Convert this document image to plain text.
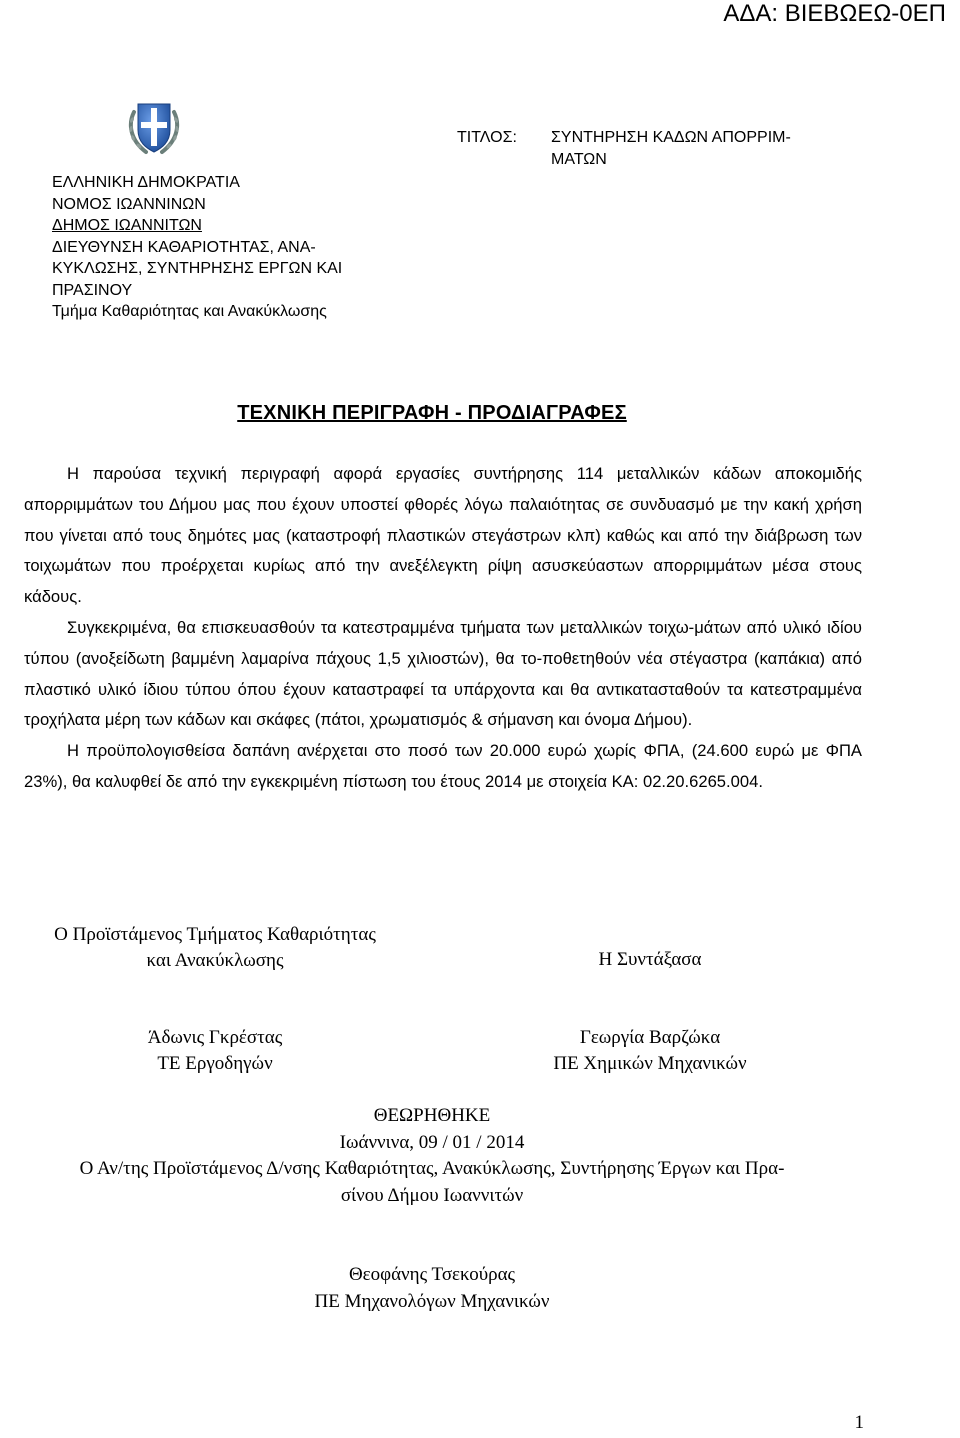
ΑΔΑ: ΒΙΕΒΩΕΩ-0ΕΠ
ΕΛΛΗΝΙΚΗ ΔΗΜΟΚΡΑΤΙΑ
ΝΟΜΟΣ ΙΩΑΝΝΙΝΩΝ
ΔΗΜΟΣ ΙΩΑΝΝΙΤΩΝ
ΔΙΕΥΘΥΝΣΗ ΚΑΘΑΡΙΟΤΗΤΑΣ, ΑΝΑ-
ΚΥΚΛΩΣΗΣ, ΣΥΝΤΗΡΗΣΗΣ ΕΡΓΩΝ ΚΑΙ
ΠΡΑΣΙΝΟΥ
Τμήμα Καθαριότητας και Ανακύκλωσης
ΤΙΤΛΟΣ: ΣΥΝΤΗΡΗΣΗ ΚΑΔΩΝ ΑΠΟΡΡΙΜ-
ΜΑΤΩΝ
ΤΕΧΝΙΚΗ ΠΕΡΙΓΡΑΦΗ - ΠΡΟΔΙΑΓΡΑΦΕΣ

Η παρούσα τεχνική περιγραφή αφορά εργασίες συντήρησης 114 μεταλλικών κάδων αποκομιδής απορριμμάτων του Δήμου μας που έχουν υποστεί φθορές λόγω παλαιότητας σε συνδυασμό με την κακή χρήση που γίνεται από τους δημότες μας (καταστροφή πλαστικών στεγάστρων κλπ) καθώς και από την διάβρωση των τοιχωμάτων που προέρχεται κυρίως από την ανεξέλεγκτη ρίψη ασυσκεύαστων απορριμμάτων μέσα στους κάδους.

Συγκεκριμένα, θα επισκευασθούν τα κατεστραμμένα τμήματα των μεταλλικών τοιχω-μάτων από υλικό ιδίου τύπου (ανοξείδωτη βαμμένη λαμαρίνα πάχους 1,5 χιλιοστών), θα το-ποθετηθούν νέα στέγαστρα (καπάκια) από πλαστικό υλικό ίδιου τύπου όπου έχουν καταστραφεί τα υπάρχοντα και θα αντικατασταθούν τα κατεστραμμένα τροχήλατα μέρη των κάδων και σκάφες (πάτοι, χρωματισμός & σήμανση και όνομα Δήμου).

Η προϋπολογισθείσα δαπάνη ανέρχεται στο ποσό των 20.000 ευρώ χωρίς ΦΠΑ, (24.600 ευρώ με ΦΠΑ 23%), θα καλυφθεί δε από την εγκεκριμένη πίστωση του έτους 2014 με στοιχεία ΚΑ: 02.20.6265.004.

Ο Προϊστάμενος Τμήματος Καθαριότητας
και Ανακύκλωσης	Η Συντάξασα
Άδωνις Γκρέστας
ΤΕ Εργοδηγών
Γεωργία Βαρζώκα
ΠΕ Χημικών Μηχανικών
ΘΕΩΡΗΘΗΚΕ
Ιωάννινα, 09 / 01 / 2014
Ο Αν/της Προϊστάμενος Δ/νσης Καθαριότητας, Ανακύκλωσης, Συντήρησης Έργων και Πρα-
σίνου Δήμου Ιωαννιτών
Θεοφάνης Τσεκούρας
ΠΕ Μηχανολόγων Μηχανικών
1
